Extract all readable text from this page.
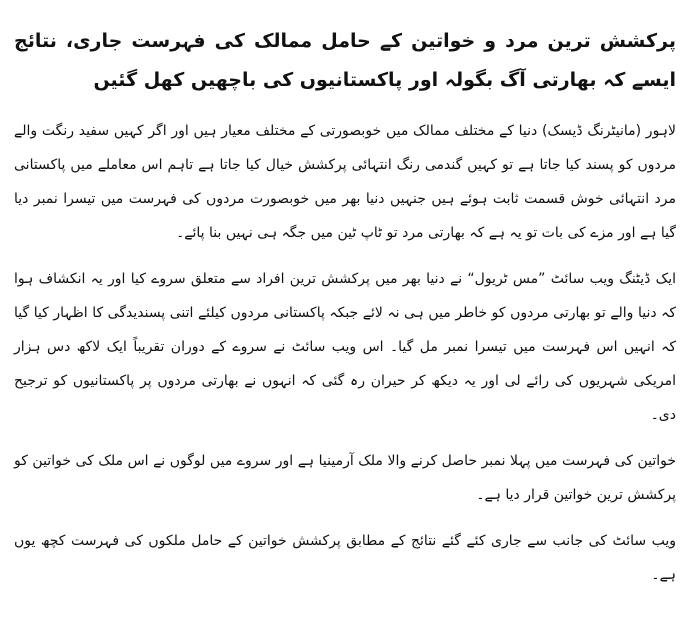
پرکشش ترین مرد و خواتین کے حامل ممالک کی فہرست جاری، نتائج ایسے کہ بھارتی آگ بگولہ اور پاکستانیوں کی باچھیں کھل گئیں

لاہور (مانیٹرنگ ڈیسک) دنیا کے مختلف ممالک میں خوبصورتی کے مختلف معیار ہیں اور اگر کہیں سفید رنگت والے مردوں کو پسند کیا جاتا ہے تو کہیں گندمی رنگ انتہائی پرکشش خیال کیا جاتا ہے تاہم اس معاملے میں پاکستانی مرد انتہائی خوش قسمت ثابت ہوئے ہیں جنہیں دنیا بھر میں خوبصورت مردوں کی فہرست میں تیسرا نمبر دیا گیا ہے اور مزے کی بات تو یہ ہے کہ بھارتی مرد تو ٹاپ ٹین میں جگہ ہی نہیں بنا پائے۔

ایک ڈیٹنگ ویب سائٹ ”مس ٹریول“ نے دنیا بھر میں پرکشش ترین افراد سے متعلق سروے کیا اور یہ انکشاف ہوا کہ دنیا والے تو بھارتی مردوں کو خاطر میں ہی نہ لائے جبکہ پاکستانی مردوں کیلئے اتنی پسندیدگی کا اظہار کیا گیا کہ انہیں اس فہرست میں تیسرا نمبر مل گیا۔ اس ویب سائٹ نے سروے کے دوران تقریباً ایک لاکھ دس ہزار امریکی شہریوں کی رائے لی اور یہ دیکھ کر حیران رہ گئی کہ انہوں نے بھارتی مردوں پر پاکستانیوں کو ترجیح دی۔

خواتین کی فہرست میں پہلا نمبر حاصل کرنے والا ملک آرمینیا ہے اور سروے میں لوگوں نے اس ملک کی خواتین کو پرکشش ترین خواتین قرار دیا ہے۔

ویب سائٹ کی جانب سے جاری کئے گئے نتائج کے مطابق پرکشش خواتین کے حامل ملکوں کی فہرست کچھ یوں ہے۔
